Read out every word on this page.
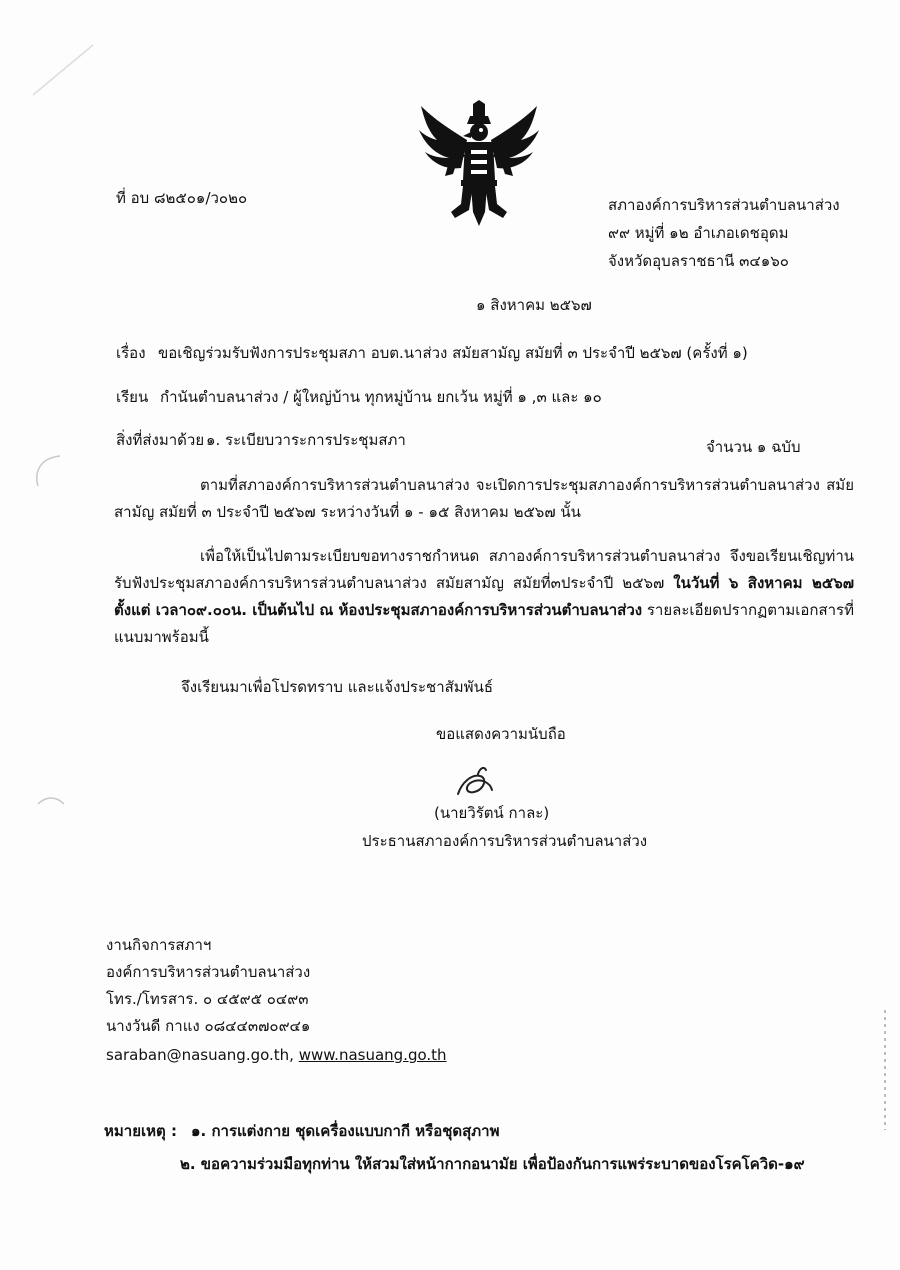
ที่ อบ ๘๒๕๐๑/ว๐๒๐	สภาองค์การบริหารส่วนตำบลนาส่วง
๙๙ หมู่ที่ ๑๒ อำเภอเดชอุดม
จังหวัดอุบลราชธานี ๓๔๑๖๐
๑ สิงหาคม ๒๕๖๗
เรื่อง ขอเชิญร่วมรับฟังการประชุมสภา อบต.นาส่วง สมัยสามัญ สมัยที่ ๓ ประจำปี ๒๕๖๗ (ครั้งที่ ๑)
เรียน กำนันตำบลนาส่วง / ผู้ใหญ่บ้าน ทุกหมู่บ้าน ยกเว้น หมู่ที่ ๑ ,๓ และ ๑๐
สิ่งที่ส่งมาด้วย ๑. ระเบียบวาระการประชุมสภา	จำนวน ๑ ฉบับ
ตามที่สภาองค์การบริหารส่วนตำบลนาส่วง จะเปิดการประชุมสภาองค์การบริหารส่วนตำบลนาส่วง สมัยสามัญ สมัยที่ ๓ ประจำปี ๒๕๖๗ ระหว่างวันที่ ๑ - ๑๕ สิงหาคม ๒๕๖๗ นั้น
เพื่อให้เป็นไปตามระเบียบขอทางราชกำหนด สภาองค์การบริหารส่วนตำบลนาส่วง จึงขอเรียนเชิญท่านรับฟังประชุมสภาองค์การบริหารส่วนตำบลนาส่วง สมัยสามัญ สมัยที่๓ประจำปี ๒๕๖๗ ในวันที่ ๖ สิงหาคม ๒๕๖๗ ตั้งแต่ เวลา๐๙.๐๐น. เป็นต้นไป ณ ห้องประชุมสภาองค์การบริหารส่วนตำบลนาส่วง รายละเอียดปรากฏตามเอกสารที่แนบมาพร้อมนี้
จึงเรียนมาเพื่อโปรดทราบ และแจ้งประชาสัมพันธ์
ขอแสดงความนับถือ
(นายวิรัตน์ กาละ)
ประธานสภาองค์การบริหารส่วนตำบลนาส่วง
งานกิจการสภาฯ
องค์การบริหารส่วนตำบลนาส่วง
โทร./โทรสาร. ๐ ๔๕๙๕ ๐๔๙๓
นางวันดี กาแง ๐๘๔๔๓๗๐๙๔๑
saraban@nasuang.go.th, www.nasuang.go.th
หมายเหตุ : ๑. การแต่งกาย ชุดเครื่องแบบกากี หรือชุดสุภาพ
๒. ขอความร่วมมือทุกท่าน ให้สวมใส่หน้ากากอนามัย เพื่อป้องกันการแพร่ระบาดของโรคโควิด-๑๙
